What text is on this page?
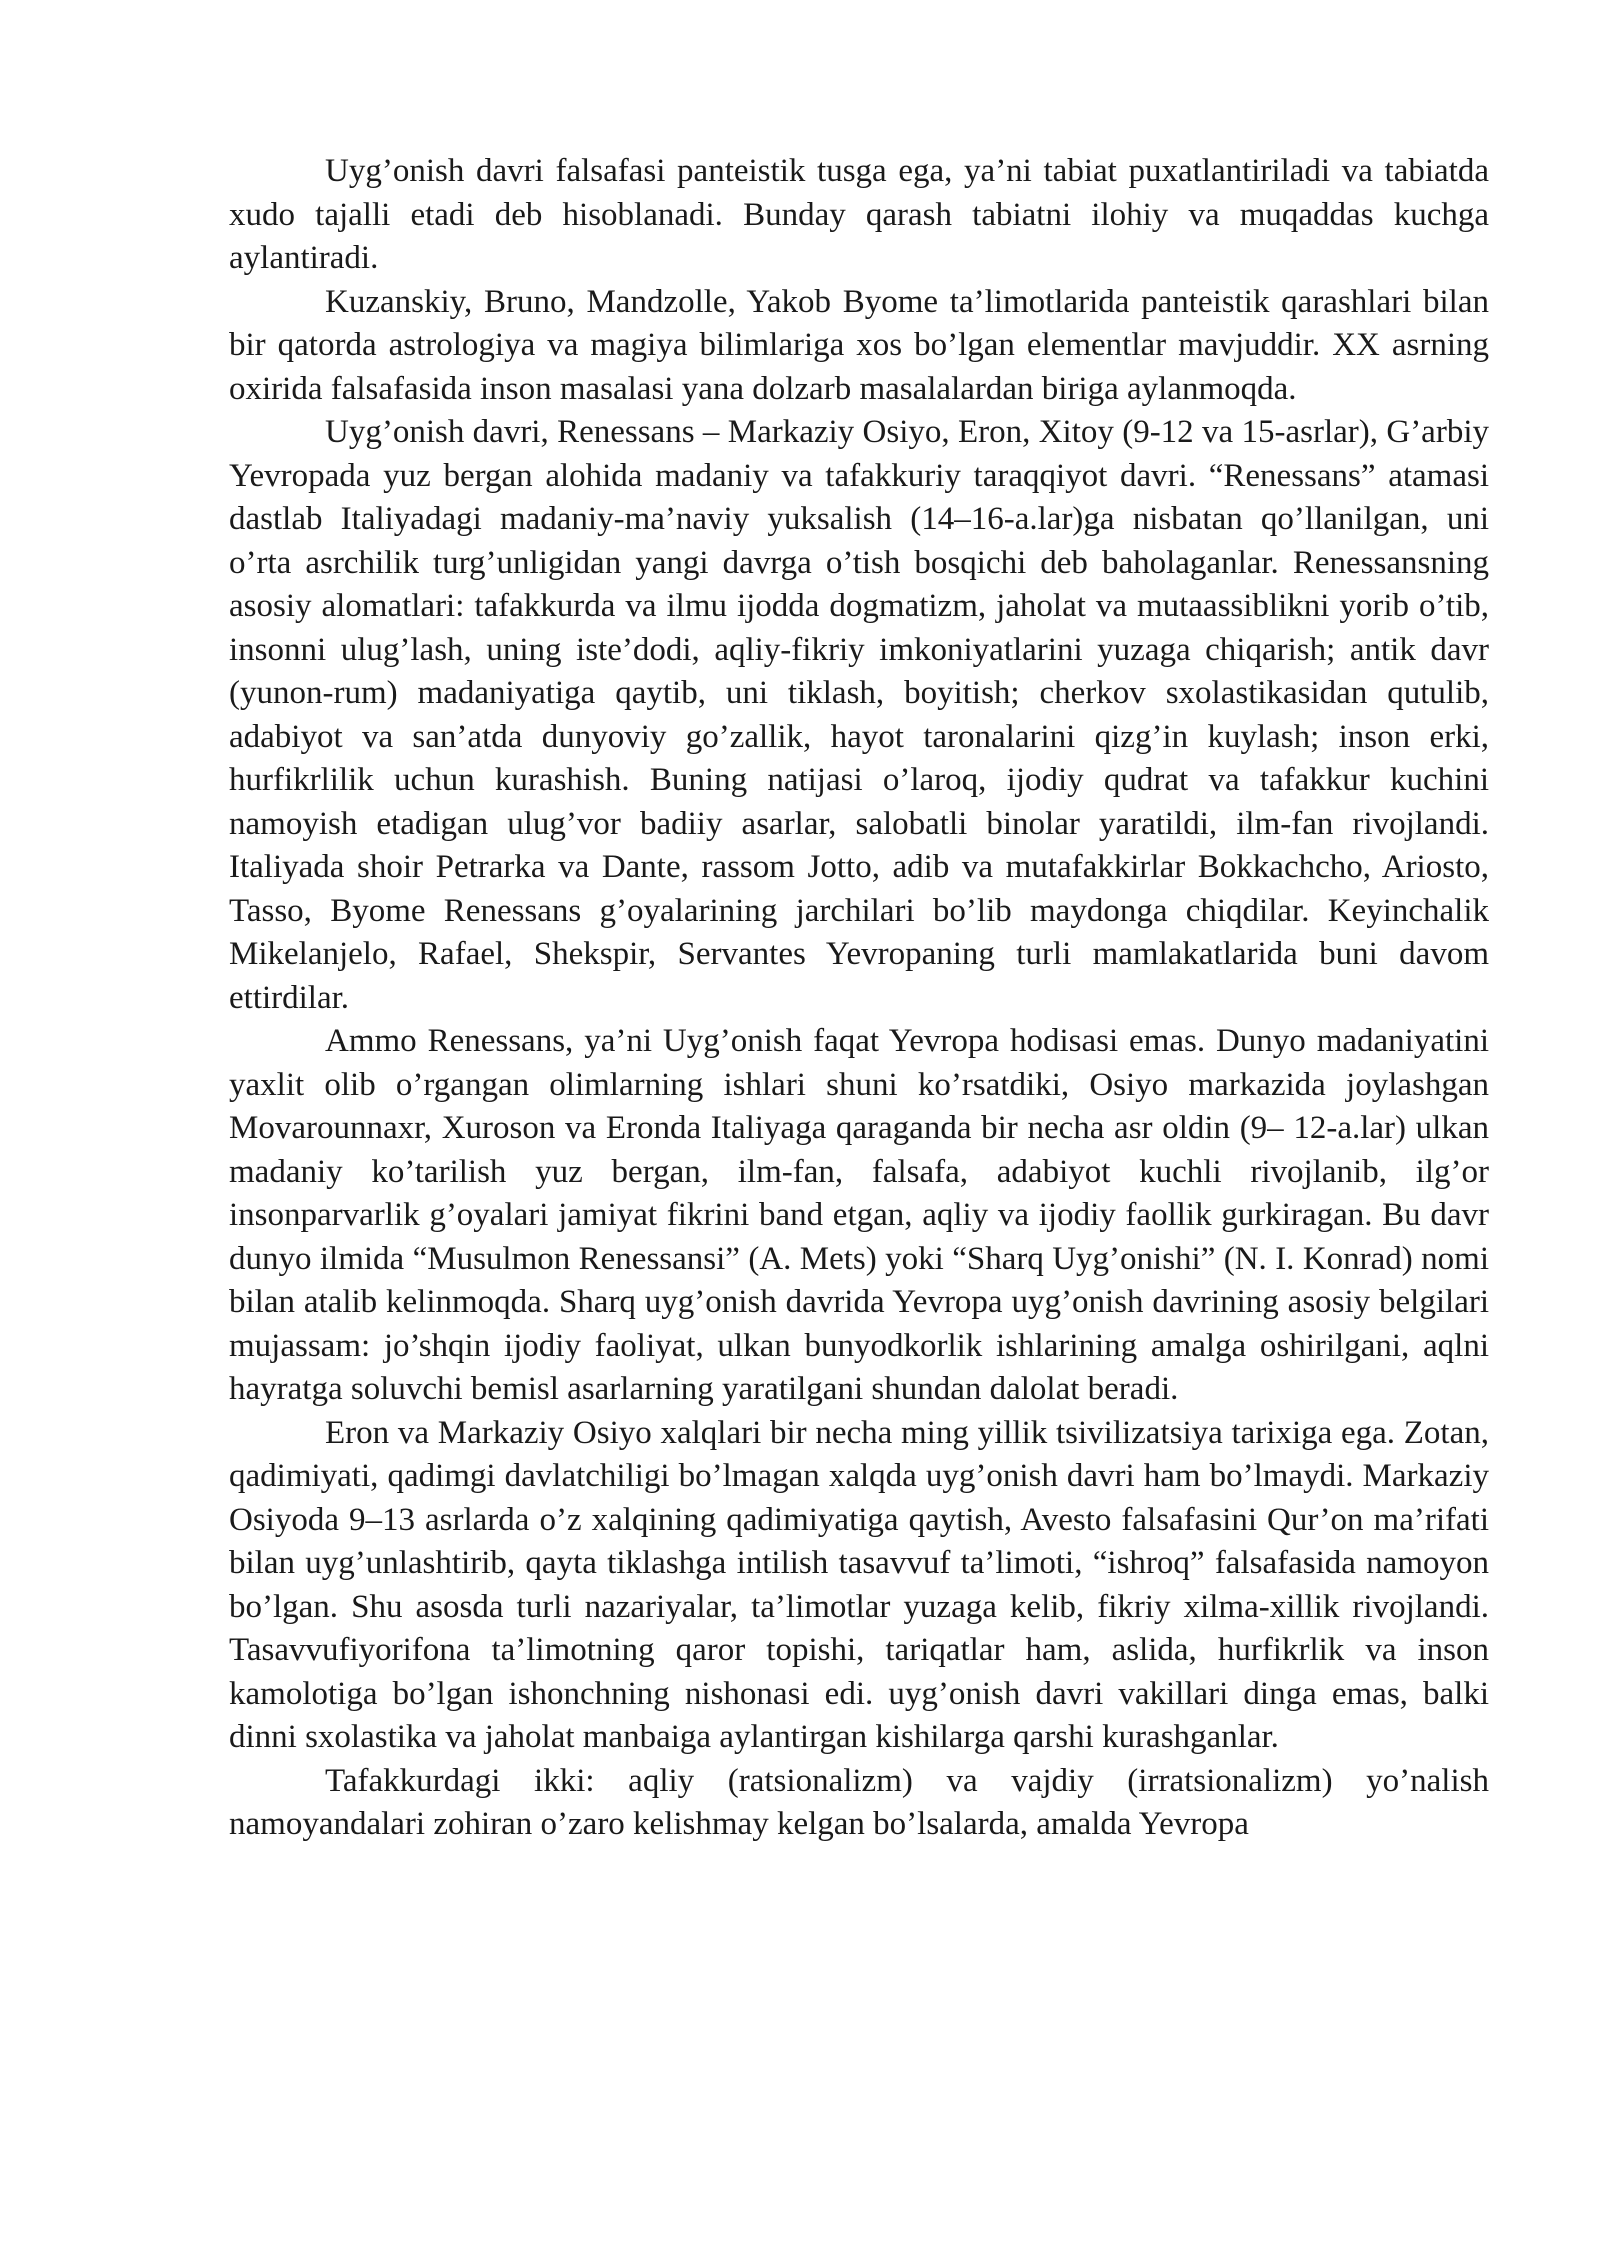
Uyg’onish davri falsafasi panteistik tusga ega, ya’ni tabiat puxatlantiriladi va tabiatda xudo tajalli etadi deb hisoblanadi. Bunday qarash tabiatni ilohiy va muqaddas kuchga aylantiradi.

Kuzanskiy, Bruno, Mandzolle, Yakob Byome ta’limotlarida panteistik qarashlari bilan bir qatorda astrologiya va magiya bilimlariga xos bo’lgan elementlar mavjuddir. XX asrning oxirida falsafasida inson masalasi yana dolzarb masalalardan biriga aylanmoqda.

Uyg’onish davri, Renessans – Markaziy Osiyo, Eron, Xitoy (9-12 va 15-asrlar), G’arbiy Yevropada yuz bergan alohida madaniy va tafakkuriy taraqqiyot davri. “Renessans” atamasi dastlab Italiyadagi madaniy-ma’naviy yuksalish (14–16-a.lar)ga nisbatan qo’llanilgan, uni o’rta asrchilik turg’unligidan yangi davrga o’tish bosqichi deb baholaganlar. Renessansning asosiy alomatlari: tafakkurda va ilmu ijodda dogmatizm, jaholat va mutaassiblikni yorib o’tib, insonni ulug’lash, uning iste’dodi, aqliy-fikriy imkoniyatlarini yuzaga chiqarish; antik davr (yunon-rum) madaniyatiga qaytib, uni tiklash, boyitish; cherkov sxolastikasidan qutulib, adabiyot va san’atda dunyoviy go’zallik, hayot taronalarini qizg’in kuylash; inson erki, hurfikrlilik uchun kurashish. Buning natijasi o’laroq, ijodiy qudrat va tafakkur kuchini namoyish etadigan ulug’vor badiiy asarlar, salobatli binolar yaratildi, ilm-fan rivojlandi. Italiyada shoir Petrarka va Dante, rassom Jotto, adib va mutafakkirlar Bokkachcho, Ariosto, Tasso, Byome Renessans g’oyalarining jarchilari bo’lib maydonga chiqdilar. Keyinchalik Mikelanjelo, Rafael, Shekspir, Servantes Yevropaning turli mamlakatlarida buni davom ettirdilar.

Ammo Renessans, ya’ni Uyg’onish faqat Yevropa hodisasi emas. Dunyo madaniyatini yaxlit olib o’rgangan olimlarning ishlari shuni ko’rsatdiki, Osiyo markazida joylashgan Movarounnaxr, Xuroson va Eronda Italiyaga qaraganda bir necha asr oldin (9– 12-a.lar) ulkan madaniy ko’tarilish yuz bergan, ilm-fan, falsafa, adabiyot kuchli rivojlanib, ilg’or insonparvarlik g’oyalari jamiyat fikrini band etgan, aqliy va ijodiy faollik gurkiragan. Bu davr dunyo ilmida “Musulmon Renessansi” (A. Mets) yoki “Sharq Uyg’onishi” (N. I. Konrad) nomi bilan atalib kelinmoqda. Sharq uyg’onish davrida Yevropa uyg’onish davrining asosiy belgilari mujassam: jo’shqin ijodiy faoliyat, ulkan bunyodkorlik ishlarining amalga oshirilgani, aqlni hayratga soluvchi bemisl asarlarning yaratilgani shundan dalolat beradi.

Eron va Markaziy Osiyo xalqlari bir necha ming yillik tsivilizatsiya tarixiga ega. Zotan, qadimiyati, qadimgi davlatchiligi bo’lmagan xalqda uyg’onish davri ham bo’lmaydi. Markaziy Osiyoda 9–13 asrlarda o’z xalqining qadimiyatiga qaytish, Avesto falsafasini Qur’on ma’rifati bilan uyg’unlashtirib, qayta tiklashga intilish tasavvuf ta’limoti, “ishroq” falsafasida namoyon bo’lgan. Shu asosda turli nazariyalar, ta’limotlar yuzaga kelib, fikriy xilma-xillik rivojlandi. Tasavvufiyorifona ta’limotning qaror topishi, tariqatlar ham, aslida, hurfikrlik va inson kamolotiga bo’lgan ishonchning nishonasi edi. uyg’onish davri vakillari dinga emas, balki dinni sxolastika va jaholat manbaiga aylantirgan kishilarga qarshi kurashganlar.

Tafakkurdagi ikki: aqliy (ratsionalizm) va vajdiy (irratsionalizm) yo’nalish namoyandalari zohiran o’zaro kelishmay kelgan bo’lsalarda, amalda Yevropa
